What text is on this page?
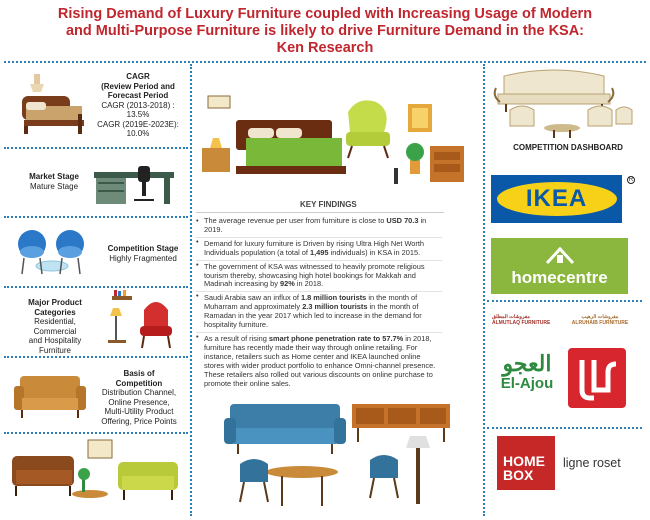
Rising Demand of Luxury Furniture coupled with Increasing Usage of Modern
and Multi-Purpose Furniture is likely to drive Furniture Demand in the KSA:
Ken Research
CAGR
(Review Period and
Forecast Period
CAGR (2013-2018) :
13.5%
CAGR (2019E-2023E):
10.0%
Market Stage
Mature Stage
Competition Stage
Highly Fragmented
Major Product
Categories
Residential,
Commercial
and Hospitality
Furniture
Basis of
Competition
Distribution Channel,
Online Presence,
Multi-Utility Product
Offering, Price Points
KEY FINDINGS
• The average revenue per user from furniture is close to USD 70.3 in 2019.
• Demand for luxury furniture is Driven by rising Ultra High Net Worth Individuals population (a total of 1,495 individuals) in KSA in 2015.
• The government of KSA was witnessed to heavily promote religious tourism thereby, showcasing high hotel bookings for Makkah and Madinah increasing by 92% in 2018.
• Saudi Arabia saw an influx of 1.8 million tourists in the month of Muharram and approximately 2.3 million tourists in the month of Ramadan in the year 2017 which led to increase in the demand for hospitality furniture.
• As a result of rising smart phone penetration rate to 57.7% in 2018, furniture has recently made their way through online retailing. For instance, retailers such as Home center and IKEA launched online stores with wider product portfolio to enhance Omni-channel presence. These retailers also rolled out various discounts on online purchase to promote their online sales.
COMPETITION DASHBOARD
IKEA
R
homecentre
مفروشات المطلق
ALMUTLAQ FURNITURE
مفروشات الرهيب
ALRUHAIB FURNITURE
العجو
El-Ajou
HOME
BOX
ligne roset
